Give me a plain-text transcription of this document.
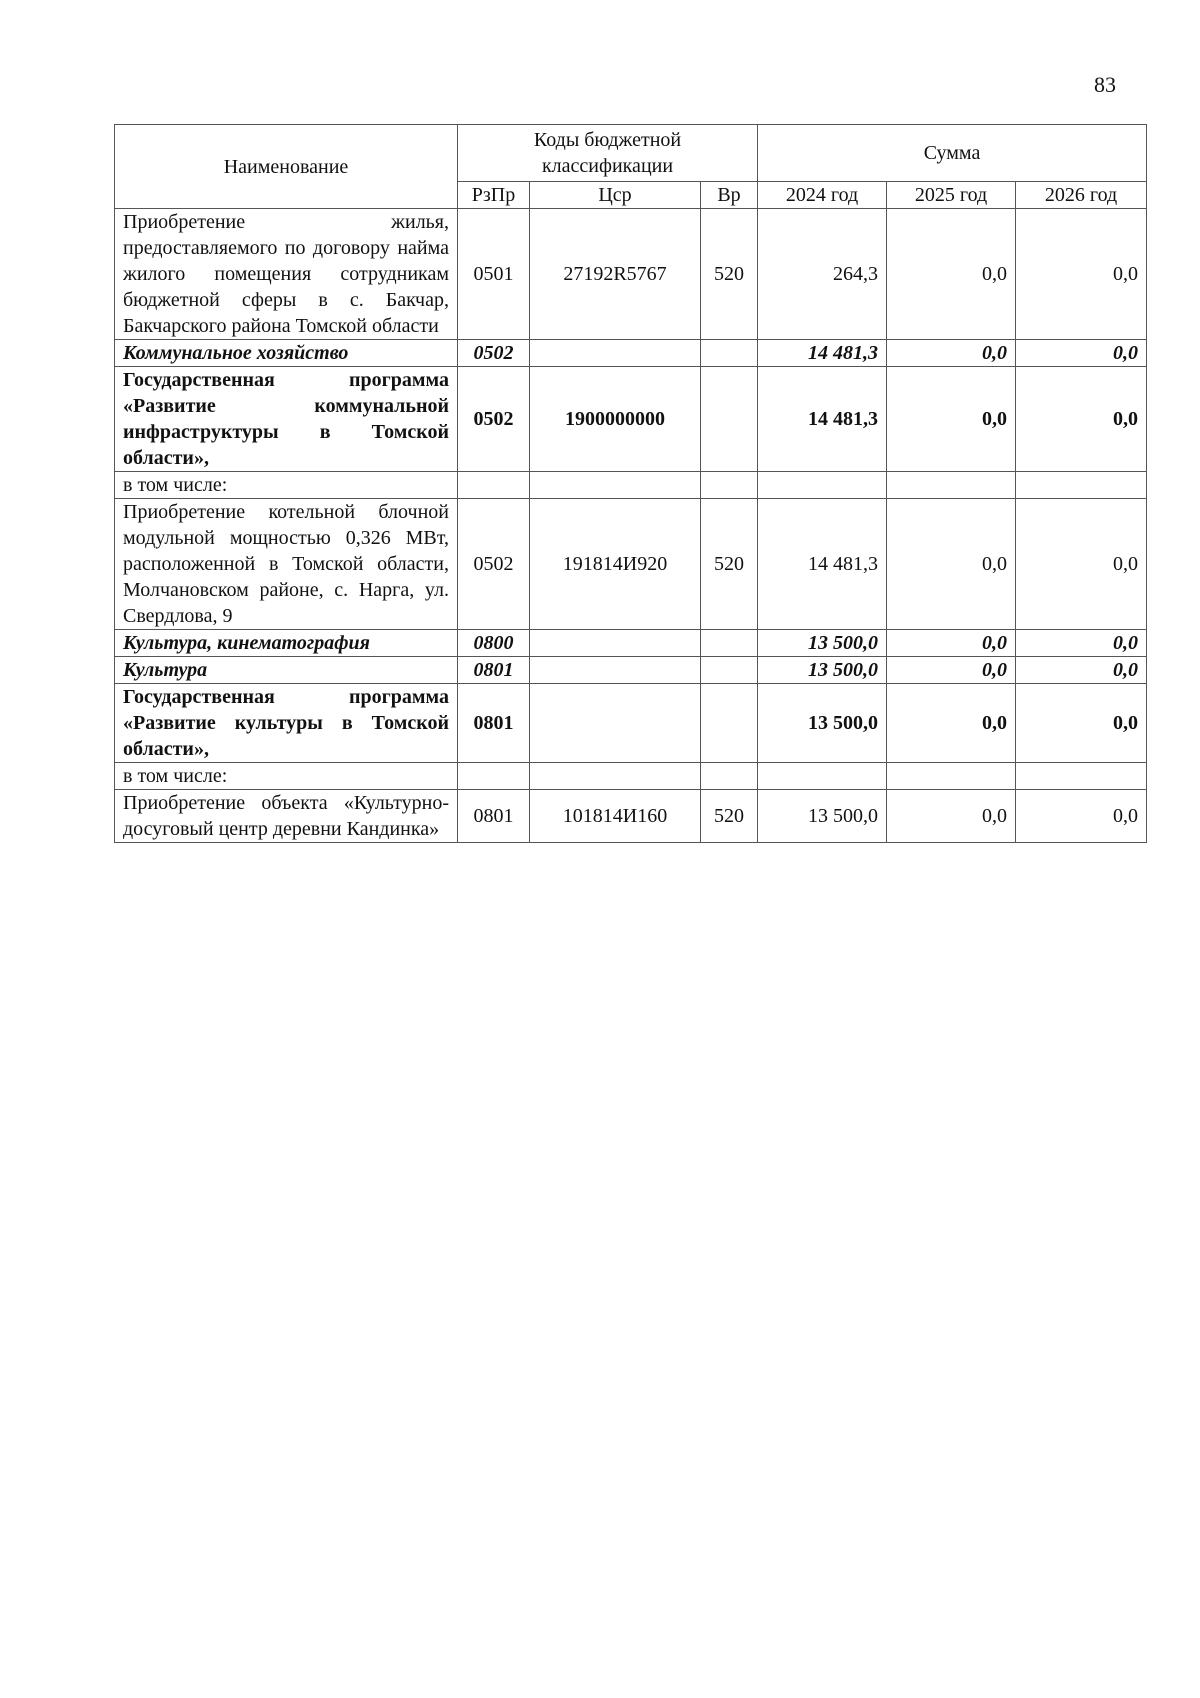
83
Наименование	Коды бюджетной классификации			Сумма		
	РзПр	Цср	Вр	2024 год	2025 год	2026 год
Приобретение жилья, предоставляемого по договору найма жилого помещения сотрудникам бюджетной сферы в с. Бакчар, Бакчарского района Томской области	0501	27192R5767	520	264,3	0,0	0,0
Коммунальное хозяйство	0502			14 481,3	0,0	0,0
Государственная программа «Развитие коммунальной инфраструктуры в Томской области»,	0502	1900000000		14 481,3	0,0	0,0
в том числе:						
Приобретение котельной блочной модульной мощностью 0,326 МВт, расположенной в Томской области, Молчановском районе, с. Нарга, ул. Свердлова, 9	0502	191814И920	520	14 481,3	0,0	0,0
Культура, кинематография	0800			13 500,0	0,0	0,0
Культура	0801			13 500,0	0,0	0,0
Государственная программа «Развитие культуры в Томской области»,	0801			13 500,0	0,0	0,0
в том числе:						
Приобретение объекта «Культурно-досуговый центр деревни Кандинка»	0801	101814И160	520	13 500,0	0,0	0,0
